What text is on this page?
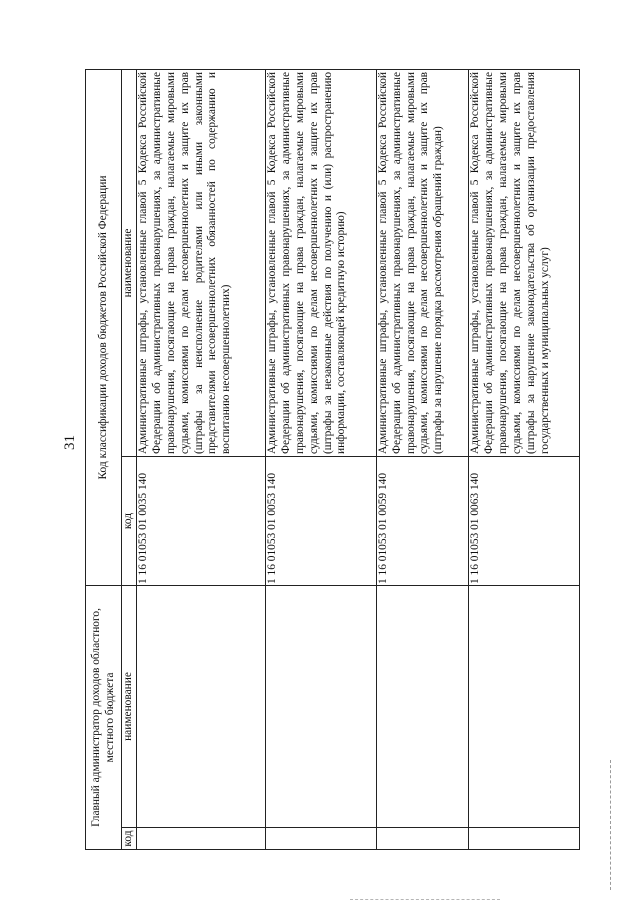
31
Главный администратор доходов областного, местного бюджета		Код классификации доходов бюджетов Российской Федерации	
код	наименование	код	наименование
		1 16 01053 01 0035 140	Административные штрафы, установленные главой 5 Кодекса Российской Федерации об административных правонарушениях, за административные правонарушения, посягающие на права граждан, налагаемые мировыми судьями, комиссиями по делам несовершеннолетних и защите их прав (штрафы за неисполнение родителями или иными законными представителями несовершеннолетних обязанностей по содержанию и воспитанию несовершеннолетних)
		1 16 01053 01 0053 140	Административные штрафы, установленные главой 5 Кодекса Российской Федерации об административных правонарушениях, за административные правонарушения, посягающие на права граждан, налагаемые мировыми судьями, комиссиями по делам несовершеннолетних и защите их прав (штрафы за незаконные действия по получению и (или) распространению информации, составляющей кредитную историю)
		1 16 01053 01 0059 140	Административные штрафы, установленные главой 5 Кодекса Российской Федерации об административных правонарушениях, за административные правонарушения, посягающие на права граждан, налагаемые мировыми судьями, комиссиями по делам несовершеннолетних и защите их прав (штрафы за нарушение порядка рассмотрения обращений граждан)
		1 16 01053 01 0063 140	Административные штрафы, установленные главой 5 Кодекса Российской Федерации об административных правонарушениях, за административные правонарушения, посягающие на права граждан, налагаемые мировыми судьями, комиссиями по делам несовершеннолетних и защите их прав (штрафы за нарушение законодательства об организации предоставления государственных и муниципальных услуг)
